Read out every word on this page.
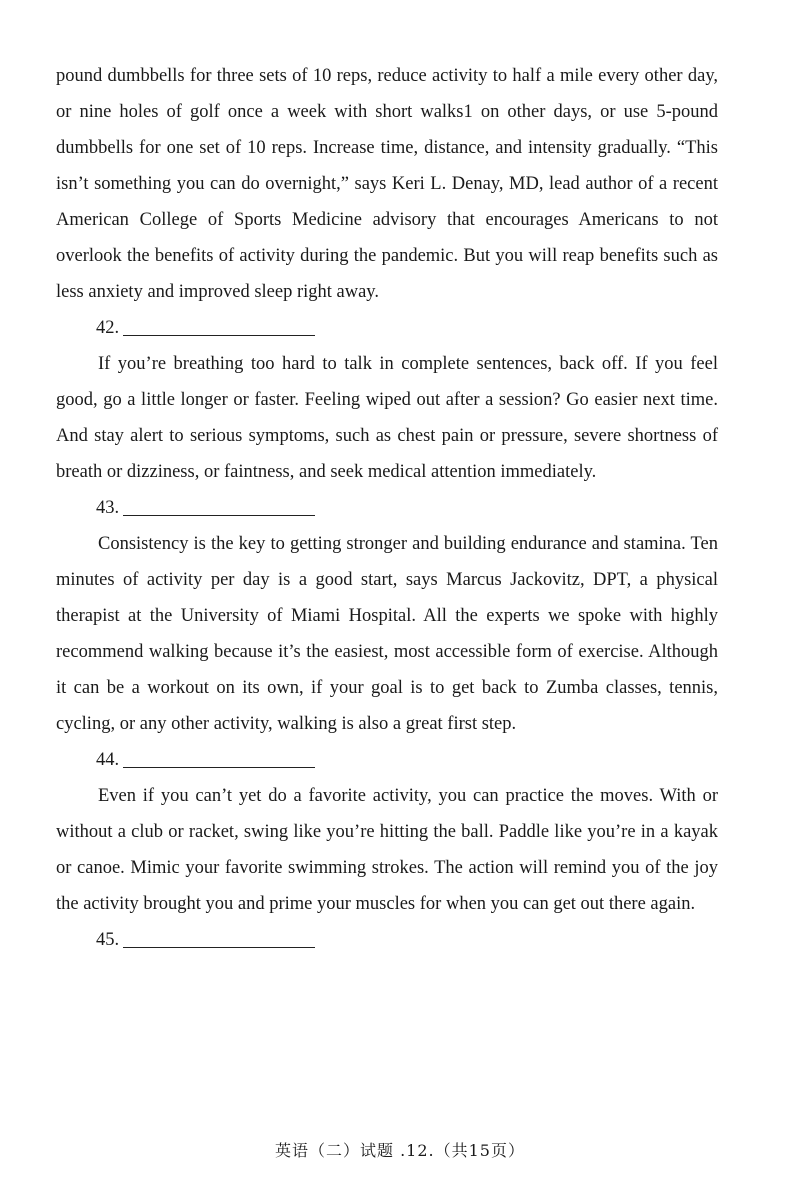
pound dumbbells for three sets of 10 reps, reduce activity to half a mile every other day, or nine holes of golf once a week with short walks1 on other days, or use 5-pound dumbbells for one set of 10 reps. Increase time, distance, and intensity gradually. “This isn’t something you can do overnight,” says Keri L. Denay, MD, lead author of a recent American College of Sports Medicine advisory that encourages Americans to not overlook the benefits of activity during the pandemic. But you will reap benefits such as less anxiety and improved sleep right away.

42.

If you’re breathing too hard to talk in complete sentences, back off. If you feel good, go a little longer or faster. Feeling wiped out after a session? Go easier next time. And stay alert to serious symptoms, such as chest pain or pressure, severe shortness of breath or dizziness, or faintness, and seek medical attention immediately.

43.

Consistency is the key to getting stronger and building endurance and stamina. Ten minutes of activity per day is a good start, says Marcus Jackovitz, DPT, a physical therapist at the University of Miami Hospital. All the experts we spoke with highly recommend walking because it’s the easiest, most accessible form of exercise. Although it can be a workout on its own, if your goal is to get back to Zumba classes, tennis, cycling, or any other activity, walking is also a great first step.

44.

Even if you can’t yet do a favorite activity, you can practice the moves. With or without a club or racket, swing like you’re hitting the ball. Paddle like you’re in a kayak or canoe. Mimic your favorite swimming strokes. The action will remind you of the joy the activity brought you and prime your muscles for when you can get out there again.

45.
英语（二）试题 .12.（共15页）
